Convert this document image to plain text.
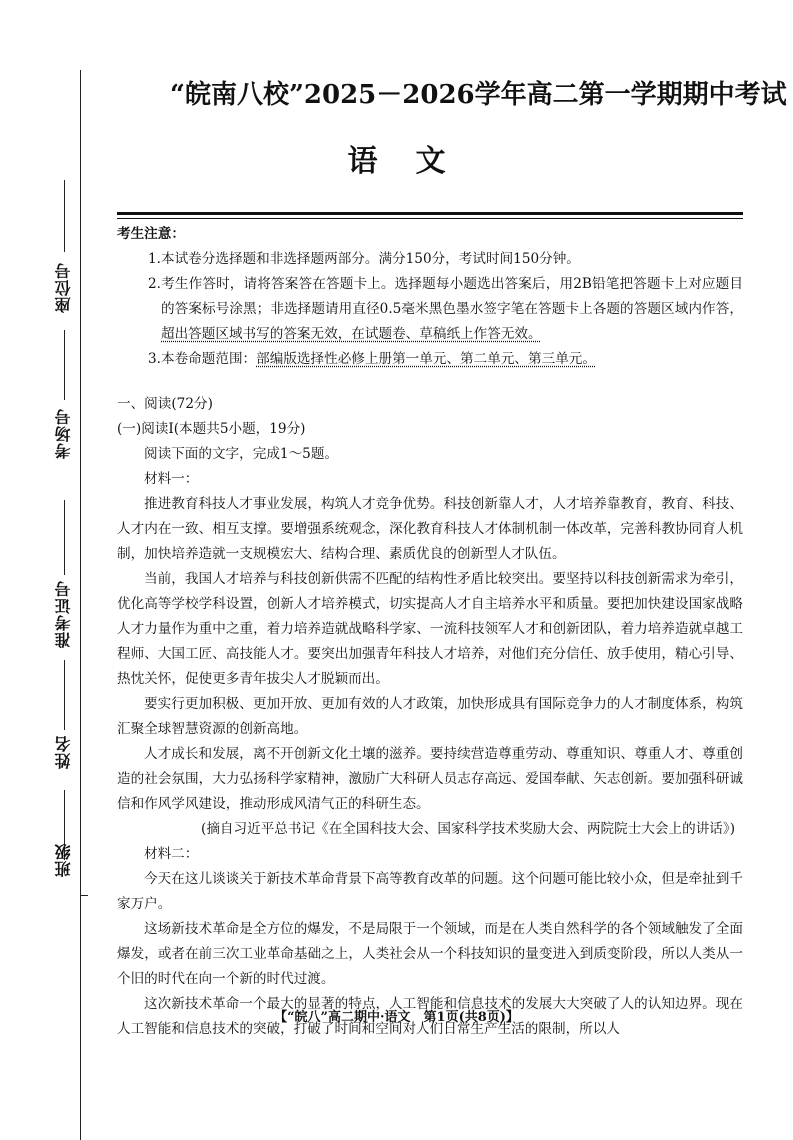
座位号
考场号
准考证号
姓名
班级
“皖南八校”2025－2026学年高二第一学期期中考试
语文

考生注意：

1.本试卷分选择题和非选择题两部分。满分150分，考试时间150分钟。

2.考生作答时，请将答案答在答题卡上。选择题每小题选出答案后，用2B铅笔把答题卡上对应题目的答案标号涂黑；非选择题请用直径0.5毫米黑色墨水签字笔在答题卡上各题的答题区域内作答，超出答题区域书写的答案无效，在试题卷、草稿纸上作答无效。

3.本卷命题范围：部编版选择性必修上册第一单元、第二单元、第三单元。

一、阅读(72分)

(一)阅读Ⅰ(本题共5小题，19分)

阅读下面的文字，完成1～5题。

材料一：

推进教育科技人才事业发展，构筑人才竞争优势。科技创新靠人才，人才培养靠教育，教育、科技、人才内在一致、相互支撑。要增强系统观念，深化教育科技人才体制机制一体改革，完善科教协同育人机制，加快培养造就一支规模宏大、结构合理、素质优良的创新型人才队伍。

当前，我国人才培养与科技创新供需不匹配的结构性矛盾比较突出。要坚持以科技创新需求为牵引，优化高等学校学科设置，创新人才培养模式，切实提高人才自主培养水平和质量。要把加快建设国家战略人才力量作为重中之重，着力培养造就战略科学家、一流科技领军人才和创新团队，着力培养造就卓越工程师、大国工匠、高技能人才。要突出加强青年科技人才培养，对他们充分信任、放手使用，精心引导、热忱关怀，促使更多青年拔尖人才脱颖而出。

要实行更加积极、更加开放、更加有效的人才政策，加快形成具有国际竞争力的人才制度体系，构筑汇聚全球智慧资源的创新高地。

人才成长和发展，离不开创新文化土壤的滋养。要持续营造尊重劳动、尊重知识、尊重人才、尊重创造的社会氛围，大力弘扬科学家精神，激励广大科研人员志存高远、爱国奉献、矢志创新。要加强科研诚信和作风学风建设，推动形成风清气正的科研生态。

(摘自习近平总书记《在全国科技大会、国家科学技术奖励大会、两院院士大会上的讲话》)

材料二：

今天在这儿谈谈关于新技术革命背景下高等教育改革的问题。这个问题可能比较小众，但是牵扯到千家万户。

这场新技术革命是全方位的爆发，不是局限于一个领域，而是在人类自然科学的各个领域触发了全面爆发，或者在前三次工业革命基础之上，人类社会从一个科技知识的量变进入到质变阶段，所以人类从一个旧的时代在向一个新的时代过渡。

这次新技术革命一个最大的显著的特点，人工智能和信息技术的发展大大突破了人的认知边界。现在人工智能和信息技术的突破，打破了时间和空间对人们日常生产生活的限制，所以人

【“皖八”高二期中·语文　第1页(共8页)】
